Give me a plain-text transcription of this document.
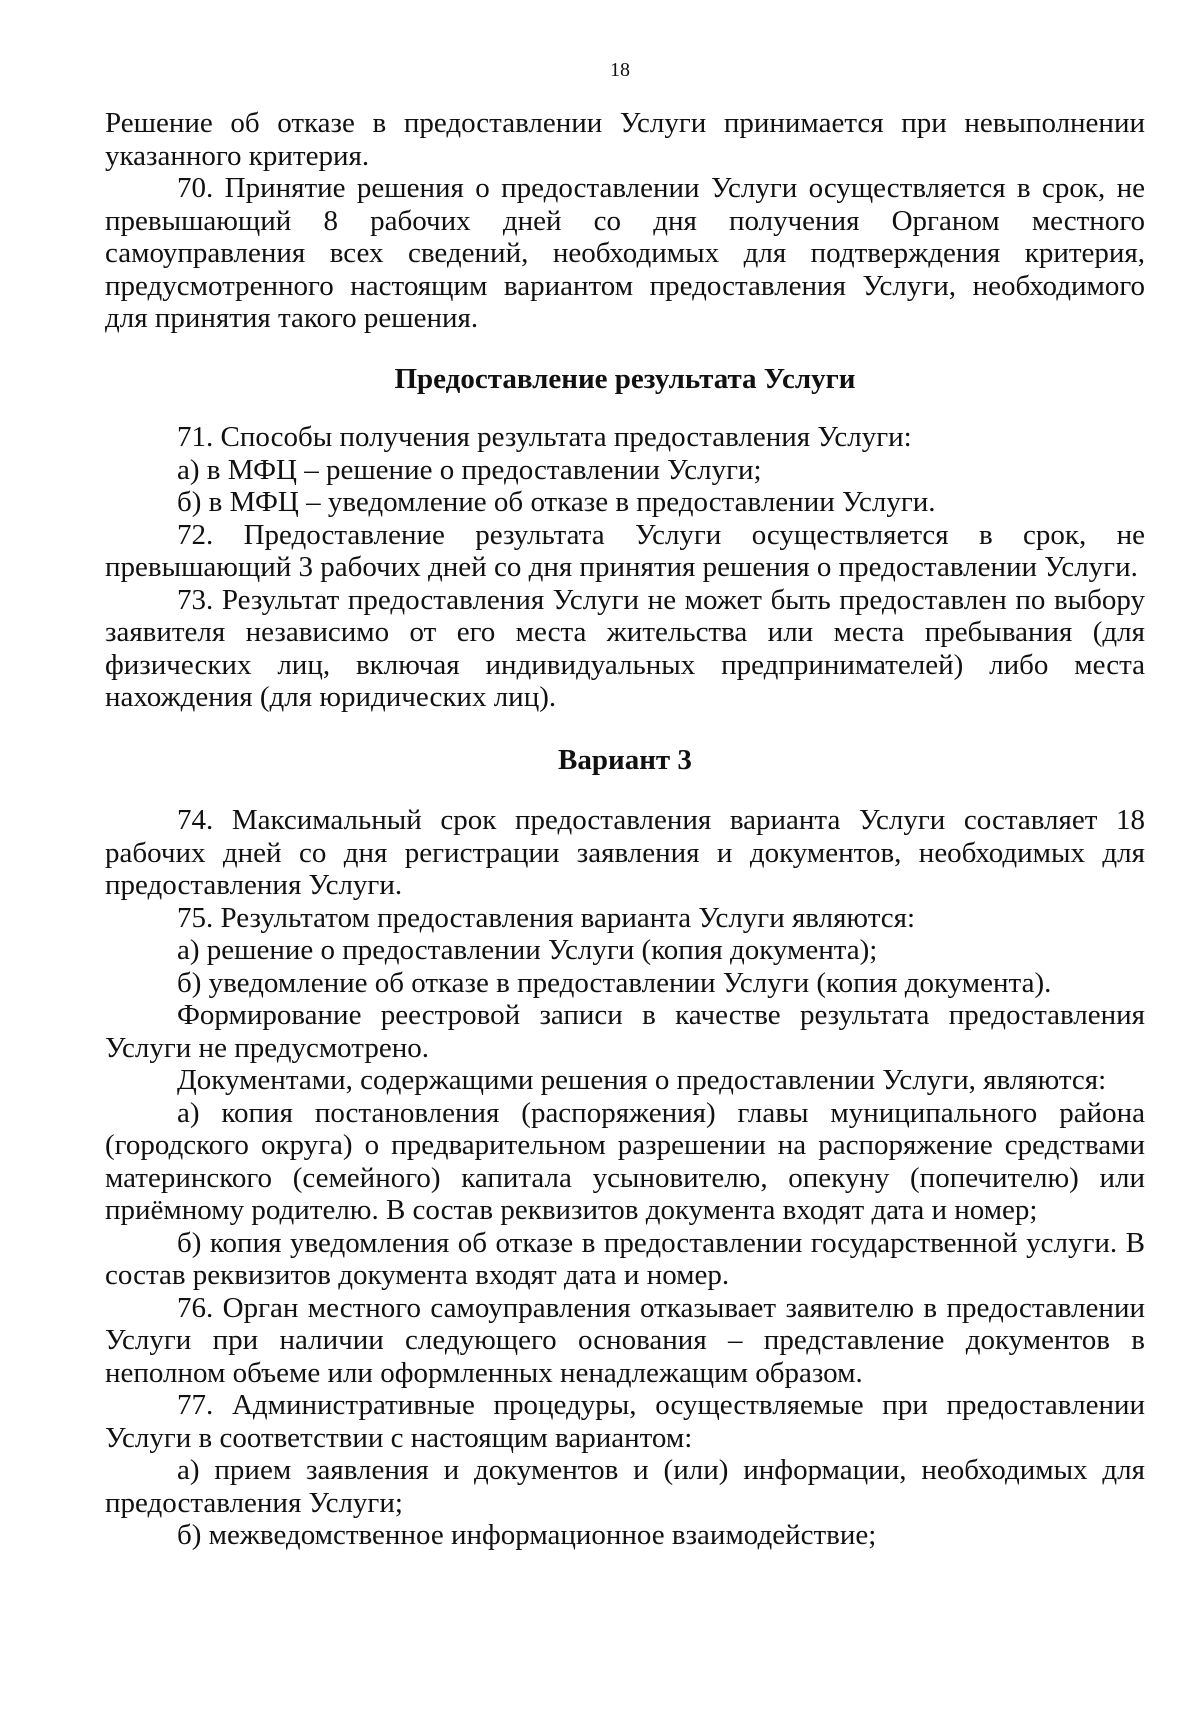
18

Решение об отказе в предоставлении Услуги принимается при невыполнении указанного критерия.

70. Принятие решения о предоставлении Услуги осуществляется в срок, не превышающий 8 рабочих дней со дня получения Органом местного самоуправления всех сведений, необходимых для подтверждения критерия, предусмотренного настоящим вариантом предоставления Услуги, необходимого для принятия такого решения.

Предоставление результата Услуги

71. Способы получения результата предоставления Услуги:

а) в МФЦ – решение о предоставлении Услуги;

б) в МФЦ – уведомление об отказе в предоставлении Услуги.

72. Предоставление результата Услуги осуществляется в срок, не превышающий 3 рабочих дней со дня принятия решения о предоставлении Услуги.

73. Результат предоставления Услуги не может быть предоставлен по выбору заявителя независимо от его места жительства или места пребывания (для физических лиц, включая индивидуальных предпринимателей) либо места нахождения (для юридических лиц).

Вариант 3

74. Максимальный срок предоставления варианта Услуги составляет 18 рабочих дней со дня регистрации заявления и документов, необходимых для предоставления Услуги.

75. Результатом предоставления варианта Услуги являются:

а) решение о предоставлении Услуги (копия документа);

б) уведомление об отказе в предоставлении Услуги (копия документа).

Формирование реестровой записи в качестве результата предоставления Услуги не предусмотрено.

Документами, содержащими решения о предоставлении Услуги, являются:

а) копия постановления (распоряжения) главы муниципального района (городского округа) о предварительном разрешении на распоряжение средствами материнского (семейного) капитала усыновителю, опекуну (попечителю) или приёмному родителю. В состав реквизитов документа входят дата и номер;

б) копия уведомления об отказе в предоставлении государственной услуги. В состав реквизитов документа входят дата и номер.

76. Орган местного самоуправления отказывает заявителю в предоставлении Услуги при наличии следующего основания – представление документов в неполном объеме или оформленных ненадлежащим образом.

77. Административные процедуры, осуществляемые при предоставлении Услуги в соответствии с настоящим вариантом:

а) прием заявления и документов и (или) информации, необходимых для предоставления Услуги;

б) межведомственное информационное взаимодействие;
